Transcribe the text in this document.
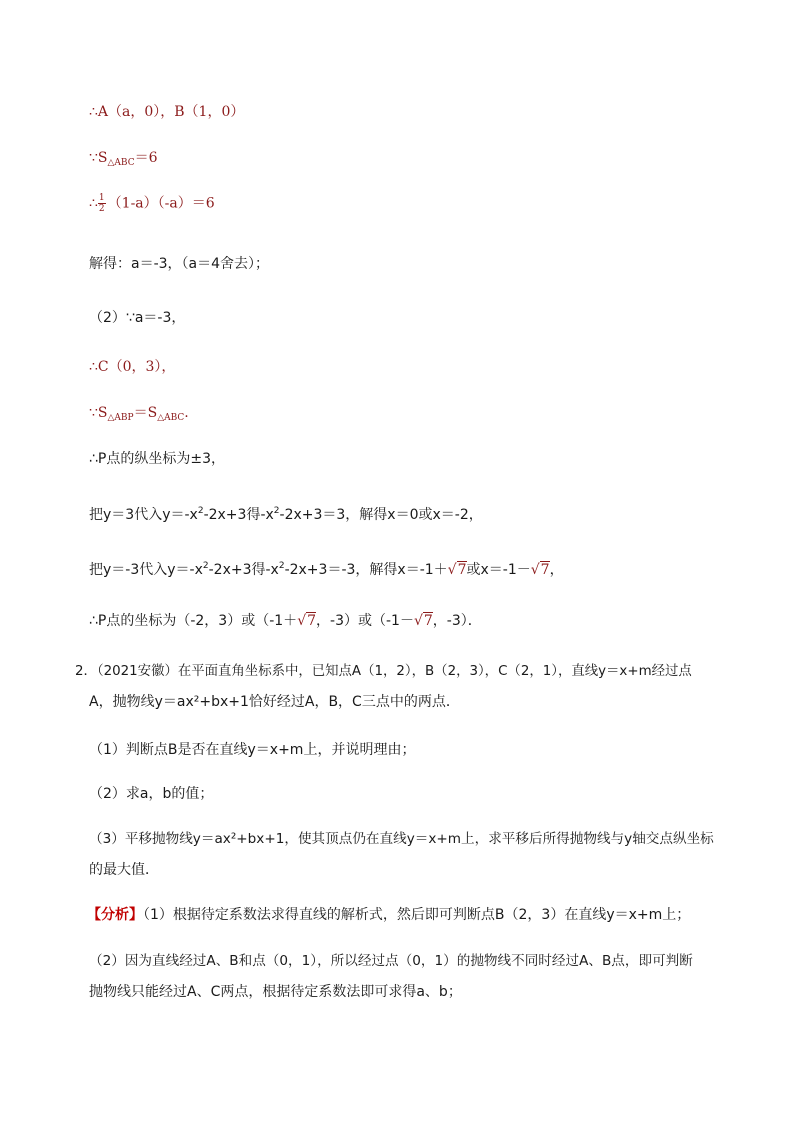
∴A（a，0），B（1，0）
$\because S_{\triangle ABC}=6$
∴ $\frac{1}{2} (1-a)(-a)=6$
解得：a＝-3，（a＝4舍去）；
（2）∵a＝-3，
∴C（0，3），
$\because S_{\triangle ABP}=S_{\triangle ABC}$.
∴P点的纵坐标为±3，
把y＝3代入$y=-x^2-2x+3$得$-x^2-2x+3=3$，解得x＝0或x＝-2，
把y＝-3代入$y=-x^2-2x+3$得$-x^2-2x+3=-3$，解得x＝-1＋√7或x＝-1－√7，
∴P点的坐标为（-2，3）或（-1＋√7，-3）或（-1－√7，-3）．
2．（2021安徽）在平面直角坐标系中，已知点A（1，2），B（2，3），C（2，1），直线y＝x+m经过点
A，抛物线y＝ax²+bx+1恰好经过A，B，C三点中的两点．
（1）判断点B是否在直线y＝x+m上，并说明理由；
（2）求a，b的值；
（3）平移抛物线y＝ax²+bx+1，使其顶点仍在直线y＝x+m上，求平移后所得抛物线与y轴交点纵坐标
的最大值．
【分析】（1）根据待定系数法求得直线的解析式，然后即可判断点B（2，3）在直线y＝x+m上；
（2）因为直线经过A、B和点（0，1），所以经过点（0，1）的抛物线不同时经过A、B点，即可判断
抛物线只能经过A、C两点，根据待定系数法即可求得a、b；
